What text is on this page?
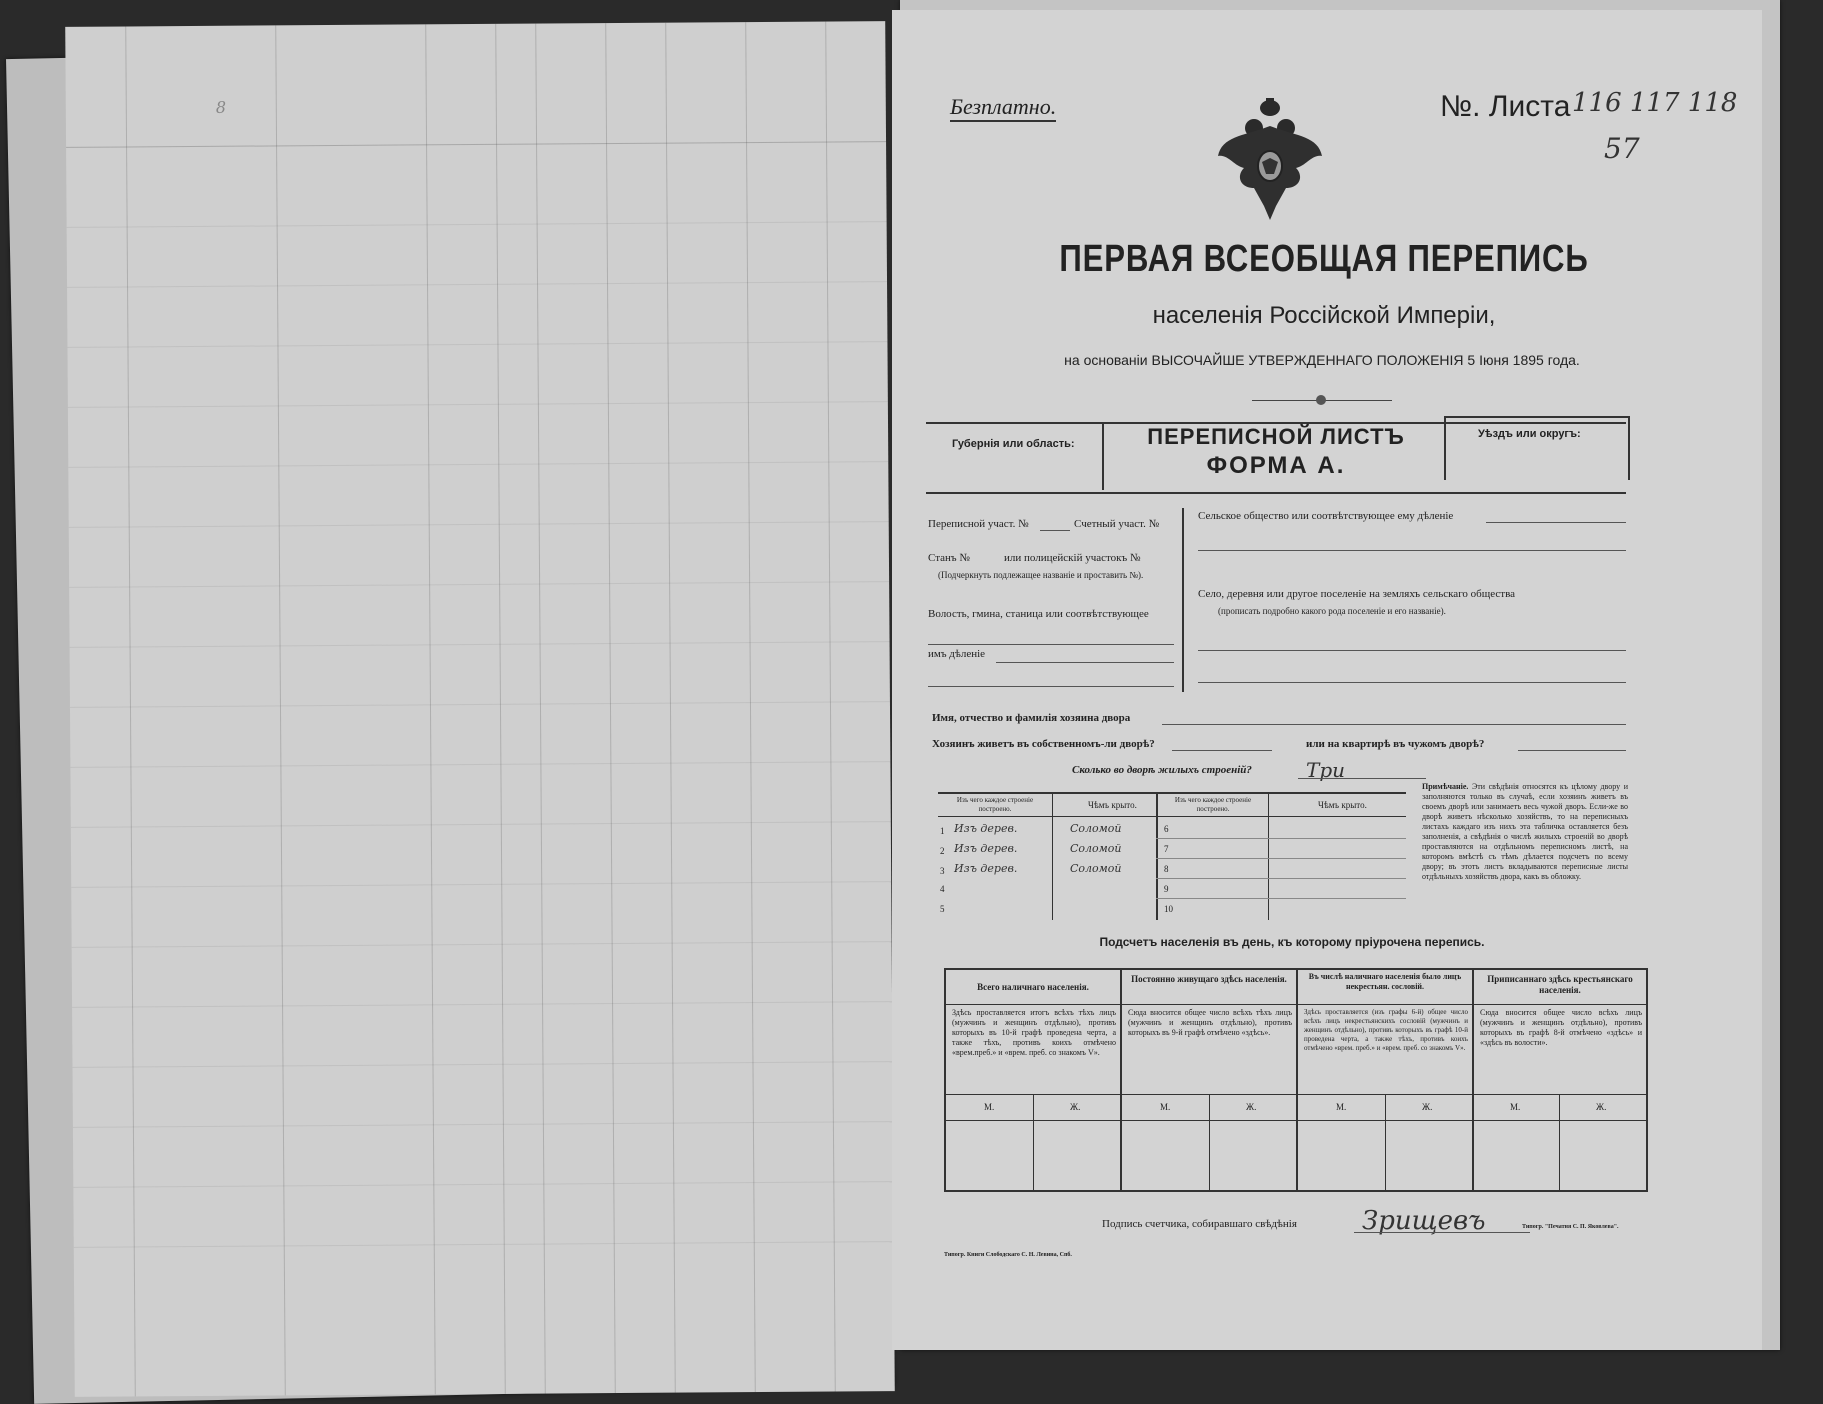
8	Безплатно.	№. Листа 116 117 118
57
ПЕРВАЯ ВСЕОБЩАЯ ПЕРЕПИСЬ
населенія Россійской Имперіи,
на основаніи ВЫСОЧАЙШЕ УТВЕРЖДЕННАГО ПОЛОЖЕНІЯ 5 Іюня 1895 года.
Губернія или область:
Уѣздъ или округъ:
ПЕРЕПИСНОЙ ЛИСТЪ
ФОРМА А.
Переписной участ. №	Счетный участ. №
Станъ №	или полицейскій участокъ №
(Подчеркнуть подлежащее названіе и проставить №).
Волость, гмина, станица или соотвѣтствующее
имъ дѣленіе
Сельское общество или соотвѣтствующее ему дѣленіе
Село, деревня или другое поселеніе на земляхъ сельскаго общества
(прописать подробно какого рода поселеніе и его названіе).
Имя, отчество и фамилія хозяина двора
Хозяинъ живетъ въ собственномъ-ли дворѣ?	или на квартирѣ въ чужомъ дворѣ?
Сколько во дворѣ жилыхъ строеній?	Три
Изъ чего каждое строеніе построено.	Чѣмъ крыто.	Изъ чего каждое строеніе построено.	Чѣмъ крыто.
1 Изъ дерев.	Соломой
2 Изъ дерев.	Соломой
3 Изъ дерев.	Соломой
4
5
6
7
8
9
10
Примѣчаніе. Эти свѣдѣнія относятся къ цѣлому двору и заполняются только въ случаѣ, если хозяинъ живетъ въ своемъ дворѣ или занимаетъ весь чужой дворъ. Если-же во дворѣ живетъ нѣсколько хозяйствъ, то на переписныхъ листахъ каждаго изъ нихъ эта табличка оставляется безъ заполненія, а свѣдѣнія о числѣ жилыхъ строеній во дворѣ проставляются на отдѣльномъ переписномъ листѣ, на которомъ вмѣстѣ съ тѣмъ дѣлается подсчетъ по всему двору; въ этотъ листъ вкладываются переписные листы отдѣльныхъ хозяйствъ двора, какъ въ обложку.
Подсчетъ населенія въ день, къ которому пріурочена перепись.
Всего наличнаго населенія.
Здѣсь проставляется итогъ всѣхъ тѣхъ лицъ (мужчинъ и женщинъ отдѣльно), противъ которыхъ въ 10-й графѣ проведена черта, а также тѣхъ, противъ коихъ отмѣчено «врем.преб.» и «врем. преб. со знакомъ V».
Постоянно живущаго здѣсь населенія.
Сюда вносится общее число всѣхъ тѣхъ лицъ (мужчинъ и женщинъ отдѣльно), противъ которыхъ въ 9-й графѣ отмѣчено «здѣсь».
Въ числѣ наличнаго населенія было лицъ некрестьян. сословій.
Здѣсь проставляется (изъ графы 6-й) общее число всѣхъ лицъ некрестьянскихъ сословій (мужчинъ и женщинъ отдѣльно), противъ которыхъ въ графѣ 10-й проведена черта, а также тѣхъ, противъ коихъ отмѣчено «врем. преб.» и «врем. преб. со знакомъ V».
Приписаннаго здѣсь крестьянскаго населенія.
Сюда вносится общее число всѣхъ лицъ (мужчинъ и женщинъ отдѣльно), противъ которыхъ въ графѣ 8-й отмѣчено «здѣсь» и «здѣсь въ волости».
М.	Ж.	М.	Ж.	М.	Ж.	М.	Ж.
Подпись счетчика, собиравшаго свѣдѣнія	Зрищевъ
Типогр. Книги Слободскаго С. Н. Левина, Спб.
Типогр. "Печатня С. П. Яковлева".
